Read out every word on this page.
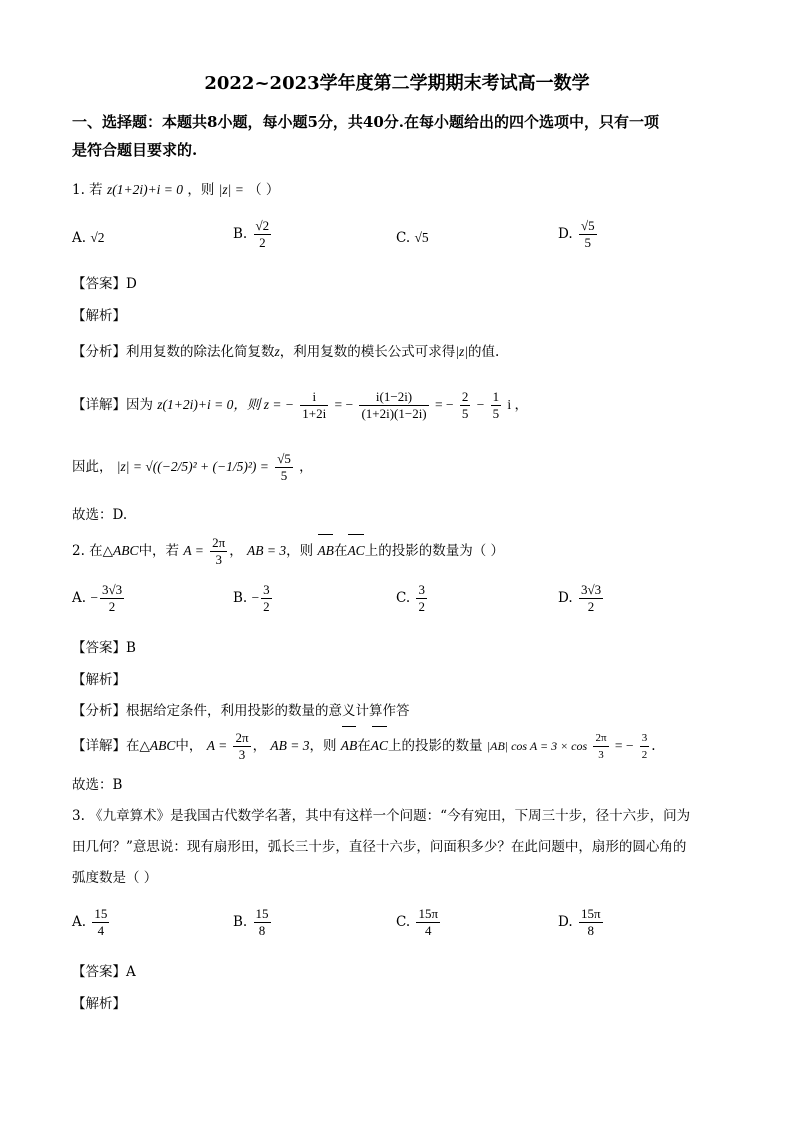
2022~2023学年度第二学期期末考试高一数学
一、选择题：本题共8小题，每小题5分，共40分.在每小题给出的四个选项中，只有一项
是符合题目要求的.
1. 若 z(1+2i)+i = 0 ，则 |z| = （ ）
A. √2	B. $\frac{√2}{2}$	C. √5	D. $\frac{√5}{5}$
【答案】D
【解析】
【分析】利用复数的除法化简复数z，利用复数的模长公式可求得|z|的值.
【详解】因为 z(1+2i)+i = 0，则 z = − $\frac{i}{1+2i}$ = − $\frac{i(1-2i)}{(1+2i)(1-2i)}$ = − $\frac{2}{5} - \frac{1}{5}$ i ，
因此， $|z| = √((-2/5)^2 + (-1/5)^2) = \frac{√5}{5}$ ，
故选：D.
2. 在△ABC中，若 $A = \frac{2\pi}{3}$ ， AB = 3，则 AB在AC上的投影的数量为（ ）
A. − $\frac{3√3}{2}$	B. − $\frac{3}{2}$	C. $\frac{3}{2}$	D. $\frac{3√3}{2}$
【答案】B
【解析】
【分析】根据给定条件，利用投影的数量的意义计算作答
【详解】在△ABC中， $A = \frac{2\pi}{3}$ ， AB = 3，则 AB在AC上的投影的数量 |AB| $\cos A = 3 \times \cos \frac{2\pi}{3}$ = − $\frac{3}{2}$ .
故选：B
3. 《九章算术》是我国古代数学名著，其中有这样一个问题：“今有宛田，下周三十步，径十六步，问为
田几何？”意思说：现有扇形田，弧长三十步，直径十六步，问面积多少？在此问题中，扇形的圆心角的
弧度数是（ ）
A. $\frac{15}{4}$	B. $\frac{15}{8}$	C. $\frac{15\pi}{4}$	D. $\frac{15\pi}{8}$
【答案】A
【解析】
